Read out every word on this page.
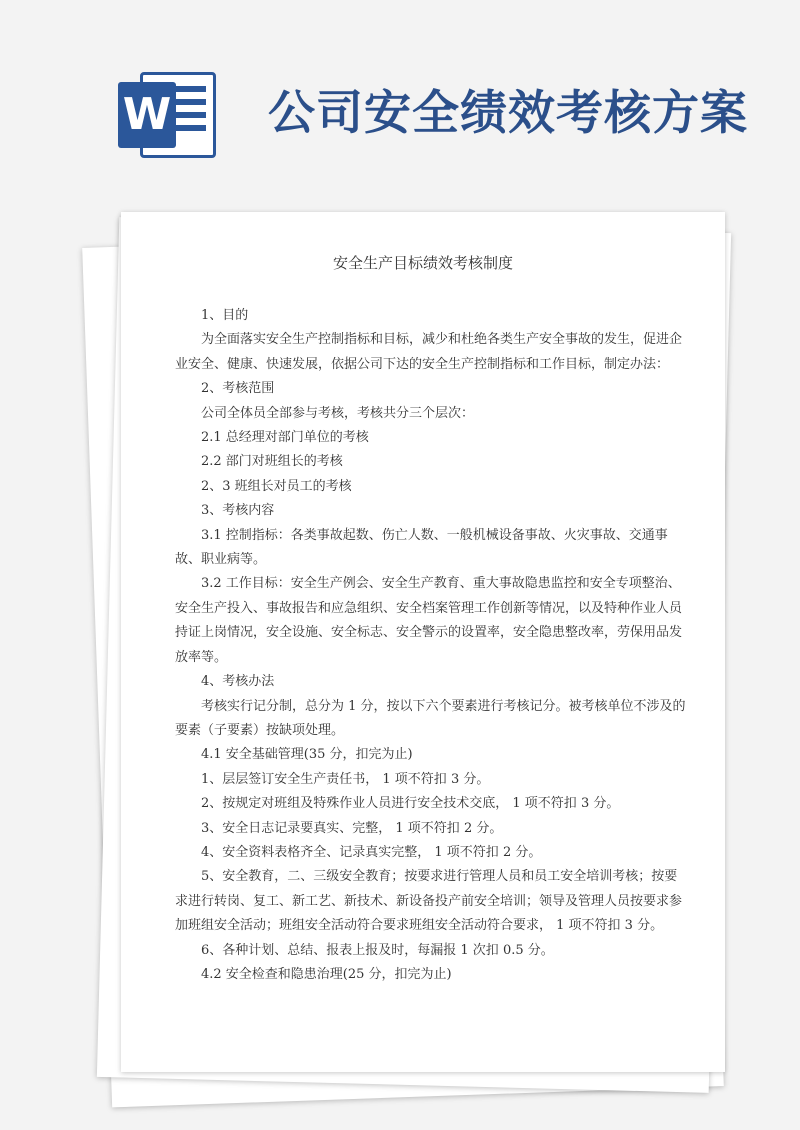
W 公司安全绩效考核方案
安全生产目标绩效考核制度

1、目的

为全面落实安全生产控制指标和目标，减少和杜绝各类生产安全事故的发生，促进企业安全、健康、快速发展，依据公司下达的安全生产控制指标和工作目标，制定办法：

2、考核范围

公司全体员全部参与考核，考核共分三个层次：

2.1 总经理对部门单位的考核

2.2 部门对班组长的考核

2、3 班组长对员工的考核

3、考核内容

3.1 控制指标：各类事故起数、伤亡人数、一般机械设备事故、火灾事故、交通事故、职业病等。

3.2 工作目标：安全生产例会、安全生产教育、重大事故隐患监控和安全专项整治、安全生产投入、事故报告和应急组织、安全档案管理工作创新等情况，以及特种作业人员持证上岗情况，安全设施、安全标志、安全警示的设置率，安全隐患整改率，劳保用品发放率等。

4、考核办法

考核实行记分制，总分为 1 分，按以下六个要素进行考核记分。被考核单位不涉及的要素（子要素）按缺项处理。

4.1 安全基础管理(35 分，扣完为止)

1、层层签订安全生产责任书， 1 项不符扣 3 分。

2、按规定对班组及特殊作业人员进行安全技术交底， 1 项不符扣 3 分。

3、安全日志记录要真实、完整， 1 项不符扣 2 分。

4、安全资料表格齐全、记录真实完整， 1 项不符扣 2 分。

5、安全教育，二、三级安全教育；按要求进行管理人员和员工安全培训考核；按要求进行转岗、复工、新工艺、新技术、新设备投产前安全培训；领导及管理人员按要求参加班组安全活动；班组安全活动符合要求班组安全活动符合要求， 1 项不符扣 3 分。

6、各种计划、总结、报表上报及时，每漏报 1 次扣 0.5 分。

4.2 安全检查和隐患治理(25 分，扣完为止)
